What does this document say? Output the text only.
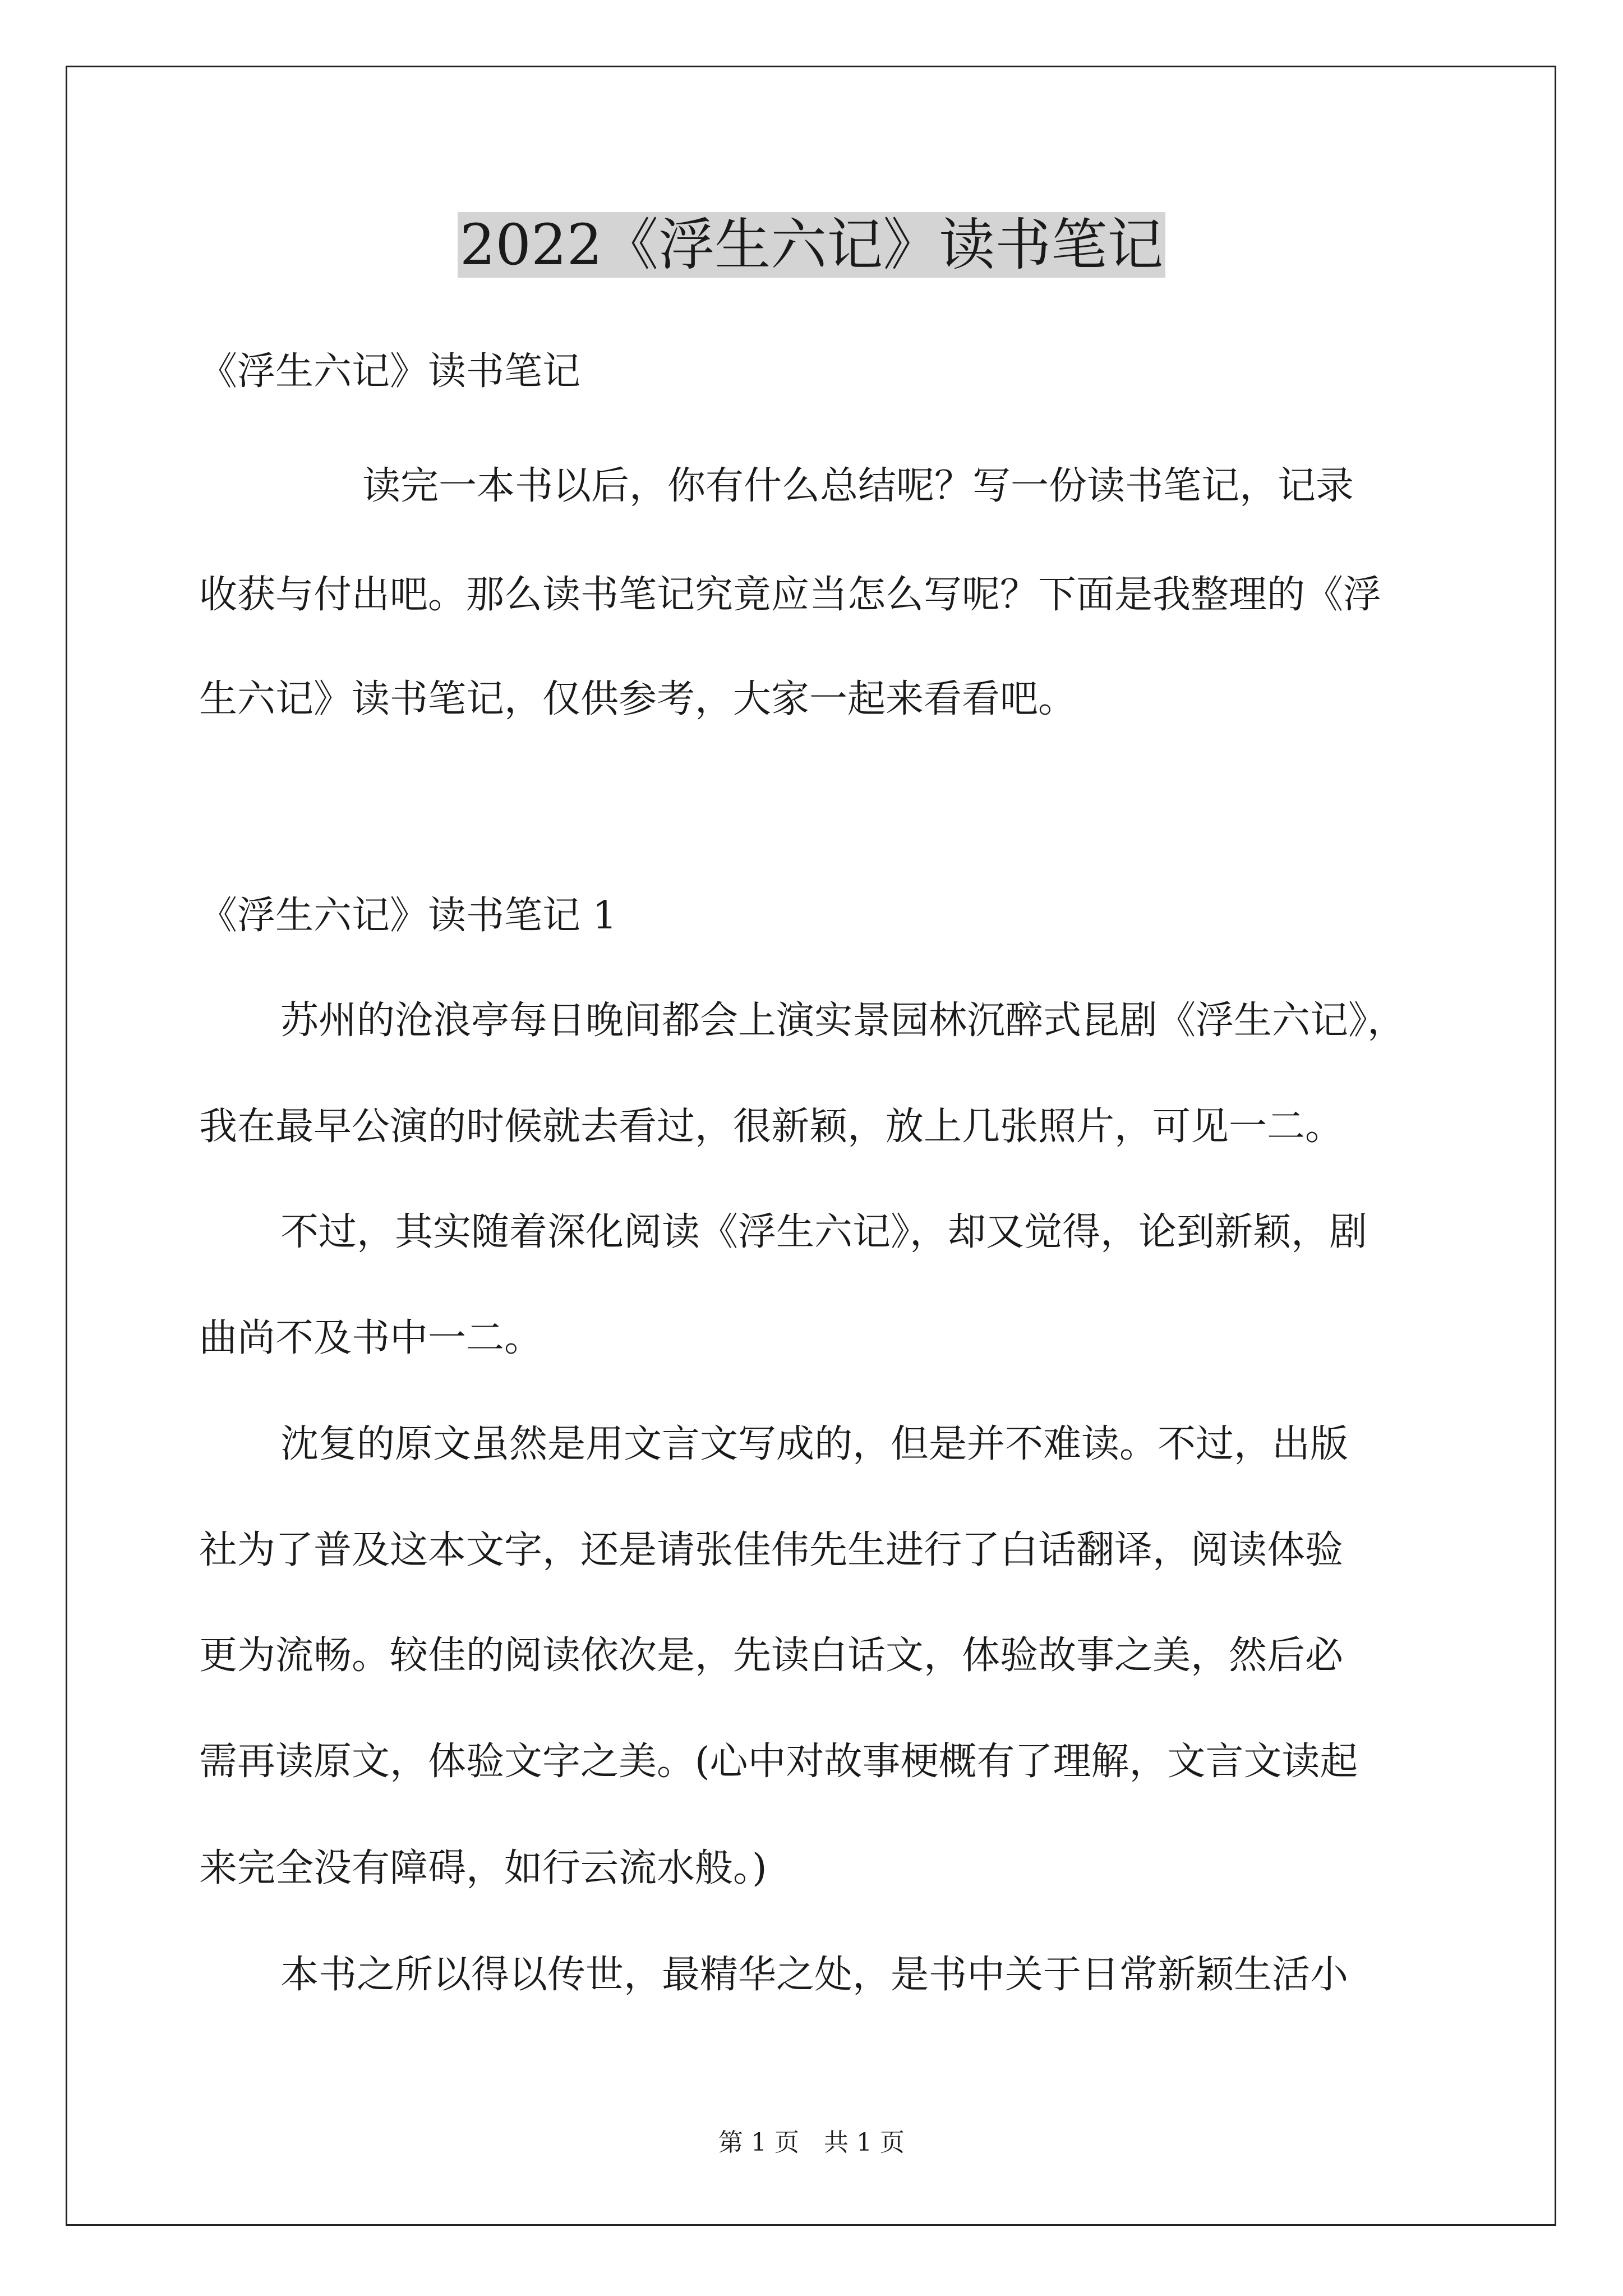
2022《浮生六记》读书笔记
《浮生六记》读书笔记
读完一本书以后，你有什么总结呢？写一份读书笔记，记录
收获与付出吧。那么读书笔记究竟应当怎么写呢？下面是我整理的《浮
生六记》读书笔记，仅供参考，大家一起来看看吧。
《浮生六记》读书笔记 1
苏州的沧浪亭每日晚间都会上演实景园林沉醉式昆剧《浮生六记》，
我在最早公演的时候就去看过，很新颖，放上几张照片，可见一二。
不过，其实随着深化阅读《浮生六记》，却又觉得，论到新颖，剧
曲尚不及书中一二。
沈复的原文虽然是用文言文写成的，但是并不难读。不过，出版
社为了普及这本文字，还是请张佳伟先生进行了白话翻译，阅读体验
更为流畅。较佳的阅读依次是，先读白话文，体验故事之美，然后必
需再读原文，体验文字之美。(心中对故事梗概有了理解，文言文读起
来完全没有障碍，如行云流水般。)
本书之所以得以传世，最精华之处，是书中关于日常新颖生活小
第 1 页　共 1 页
